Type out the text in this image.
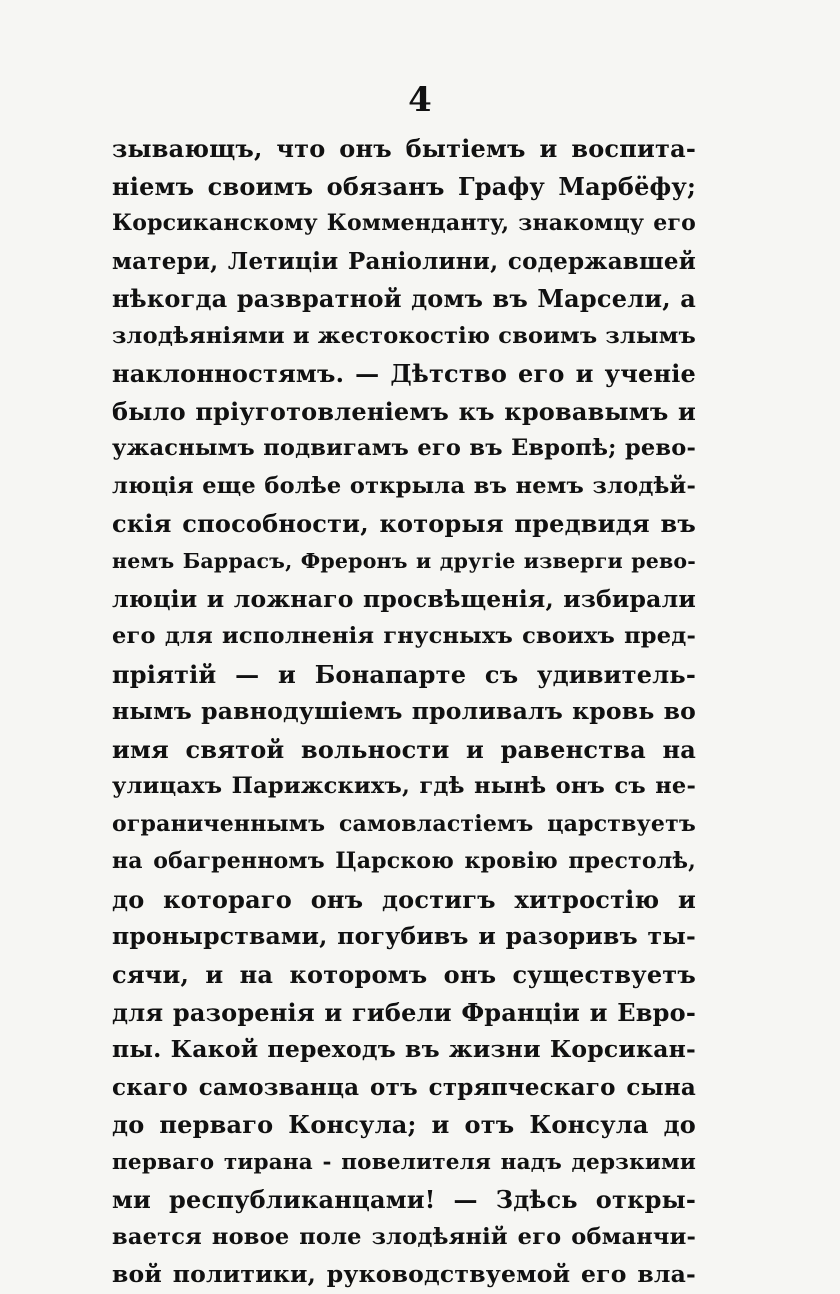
4
зывающъ, что онъ бытіемъ и воспита-
ніемъ своимъ обязанъ Графу Марбёфу;
Корсиканскому Коммендантy, знакомцу его
матери, Летиціи Раніолини, содержавшей
нѣкогда развратной домъ въ Марсели, а
злодѣяніями и жестокостію своимъ злымъ
наклонностямъ. — Дѣтство его и ученіе
было пріуготовленіемъ къ кровавымъ и
ужаснымъ подвигамъ его въ Европѣ; рево-
люція еще болѣе открыла въ немъ злодѣй-
скія способности, которыя предвидя въ
немъ Баррасъ, Фреронъ и другіе изверги рево-
люціи и ложнаго просвѣщенія, избирали
его для исполненія гнусныхъ своихъ пред-
пріятій — и Бонапарте съ удивитель-
нымъ равнодушіемъ проливалъ кровь во
имя святой вольности и равенства на
улицахъ Парижскихъ, гдѣ нынѣ онъ съ не-
ограниченнымъ самовластіемъ царствуетъ
на обагренномъ Царскою кровію престолѣ,
до котораго онъ достигъ хитростію и
пронырствами, погубивъ и разоривъ ты-
сячи, и на которомъ онъ существуетъ
для разоренія и гибели Франціи и Евро-
пы. Какой переходъ въ жизни Корсикан-
скаго самозванца отъ стряпческаго сына
до перваго Консула; и отъ Консула до
перваго тирана - повелителя надъ дерзкими
ми республиканцами! — Здѣсь откры-
вается новое поле злодѣяній его обманчи-
вой политики, руководствуемой его вла-
